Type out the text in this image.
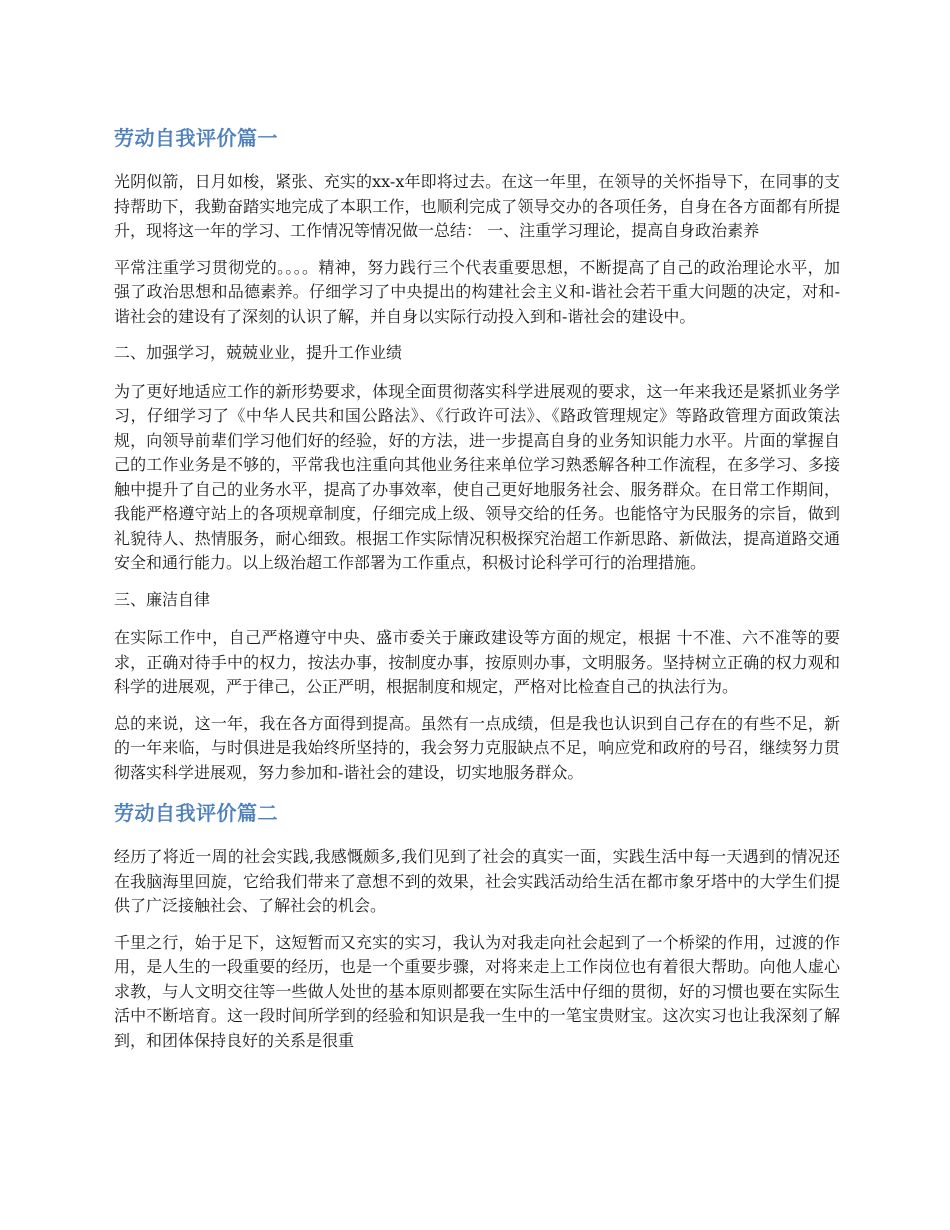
劳动自我评价篇一

光阴似箭，日月如梭，紧张、充实的xx-x年即将过去。在这一年里，在领导的关怀指导下，在同事的支持帮助下，我勤奋踏实地完成了本职工作，也顺利完成了领导交办的各项任务，自身在各方面都有所提升，现将这一年的学习、工作情况等情况做一总结： 一、注重学习理论，提高自身政治素养

平常注重学习贯彻党的。。。。精神，努力践行三个代表重要思想，不断提高了自己的政治理论水平，加强了政治思想和品德素养。仔细学习了中央提出的构建社会主义和-谐社会若干重大问题的决定，对和-谐社会的建设有了深刻的认识了解，并自身以实际行动投入到和-谐社会的建设中。

二、加强学习，兢兢业业，提升工作业绩

为了更好地适应工作的新形势要求，体现全面贯彻落实科学进展观的要求，这一年来我还是紧抓业务学习，仔细学习了《中华人民共和国公路法》、《行政许可法》、《路政管理规定》等路政管理方面政策法规，向领导前辈们学习他们好的经验，好的方法，进一步提高自身的业务知识能力水平。片面的掌握自己的工作业务是不够的，平常我也注重向其他业务往来单位学习熟悉解各种工作流程，在多学习、多接触中提升了自己的业务水平，提高了办事效率，使自己更好地服务社会、服务群众。在日常工作期间，我能严格遵守站上的各项规章制度，仔细完成上级、领导交给的任务。也能恪守为民服务的宗旨，做到礼貌待人、热情服务，耐心细致。根据工作实际情况积极探究治超工作新思路、新做法，提高道路交通安全和通行能力。以上级治超工作部署为工作重点，积极讨论科学可行的治理措施。

三、廉洁自律

在实际工作中，自己严格遵守中央、盛市委关于廉政建设等方面的规定，根据 十不准、六不准等的要求，正确对待手中的权力，按法办事，按制度办事，按原则办事，文明服务。坚持树立正确的权力观和科学的进展观，严于律己，公正严明，根据制度和规定，严格对比检查自己的执法行为。

总的来说，这一年，我在各方面得到提高。虽然有一点成绩，但是我也认识到自己存在的有些不足，新的一年来临，与时俱进是我始终所坚持的，我会努力克服缺点不足，响应党和政府的号召，继续努力贯彻落实科学进展观，努力参加和-谐社会的建设，切实地服务群众。

劳动自我评价篇二

经历了将近一周的社会实践,我感慨颇多,我们见到了社会的真实一面，实践生活中每一天遇到的情况还在我脑海里回旋，它给我们带来了意想不到的效果，社会实践活动给生活在都市象牙塔中的大学生们提供了广泛接触社会、了解社会的机会。

千里之行，始于足下，这短暂而又充实的实习，我认为对我走向社会起到了一个桥梁的作用，过渡的作用，是人生的一段重要的经历，也是一个重要步骤，对将来走上工作岗位也有着很大帮助。向他人虚心求教，与人文明交往等一些做人处世的基本原则都要在实际生活中仔细的贯彻，好的习惯也要在实际生活中不断培育。这一段时间所学到的经验和知识是我一生中的一笔宝贵财宝。这次实习也让我深刻了解到，和团体保持良好的关系是很重
